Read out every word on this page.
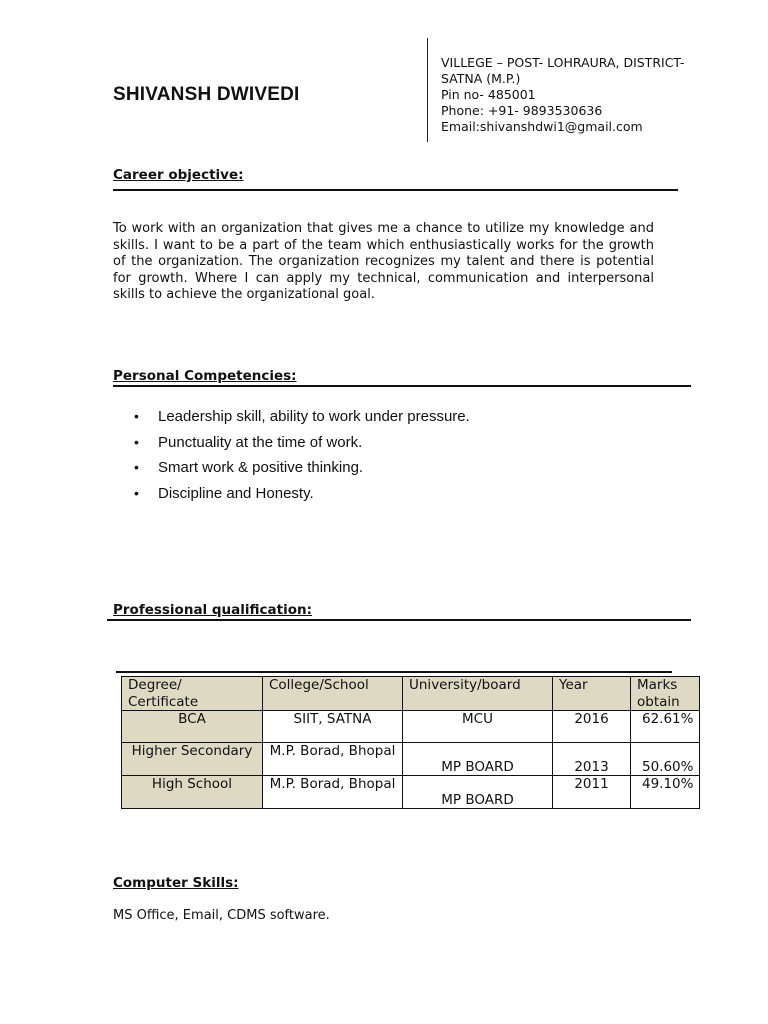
SHIVANSH DWIVEDI
VILLEGE – POST- LOHRAURA, DISTRICT-
SATNA (M.P.)
Pin no- 485001
Phone: +91- 9893530636
Email:shivanshdwi1@gmail.com
Career objective:
To work with an organization that gives me a chance to utilize my knowledge and skills. I want to be a part of the team which enthusiastically works for the growth of the organization. The organization recognizes my talent and there is potential for growth. Where I can apply my technical, communication and interpersonal skills to achieve the organizational goal.
Personal Competencies:
• Leadership skill, ability to work under pressure.
• Punctuality at the time of work.
• Smart work & positive thinking.
• Discipline and Honesty.
Professional qualification:
Degree/ Certificate	College/School	University/board	Year	Marks obtain
BCA	SIIT, SATNA	MCU	2016	62.61%
Higher Secondary	M.P. Borad, Bhopal	MP BOARD	2013	50.60%
High School	M.P. Borad, Bhopal	MP BOARD	2011	49.10%
Computer Skills:
MS Office, Email, CDMS software.
